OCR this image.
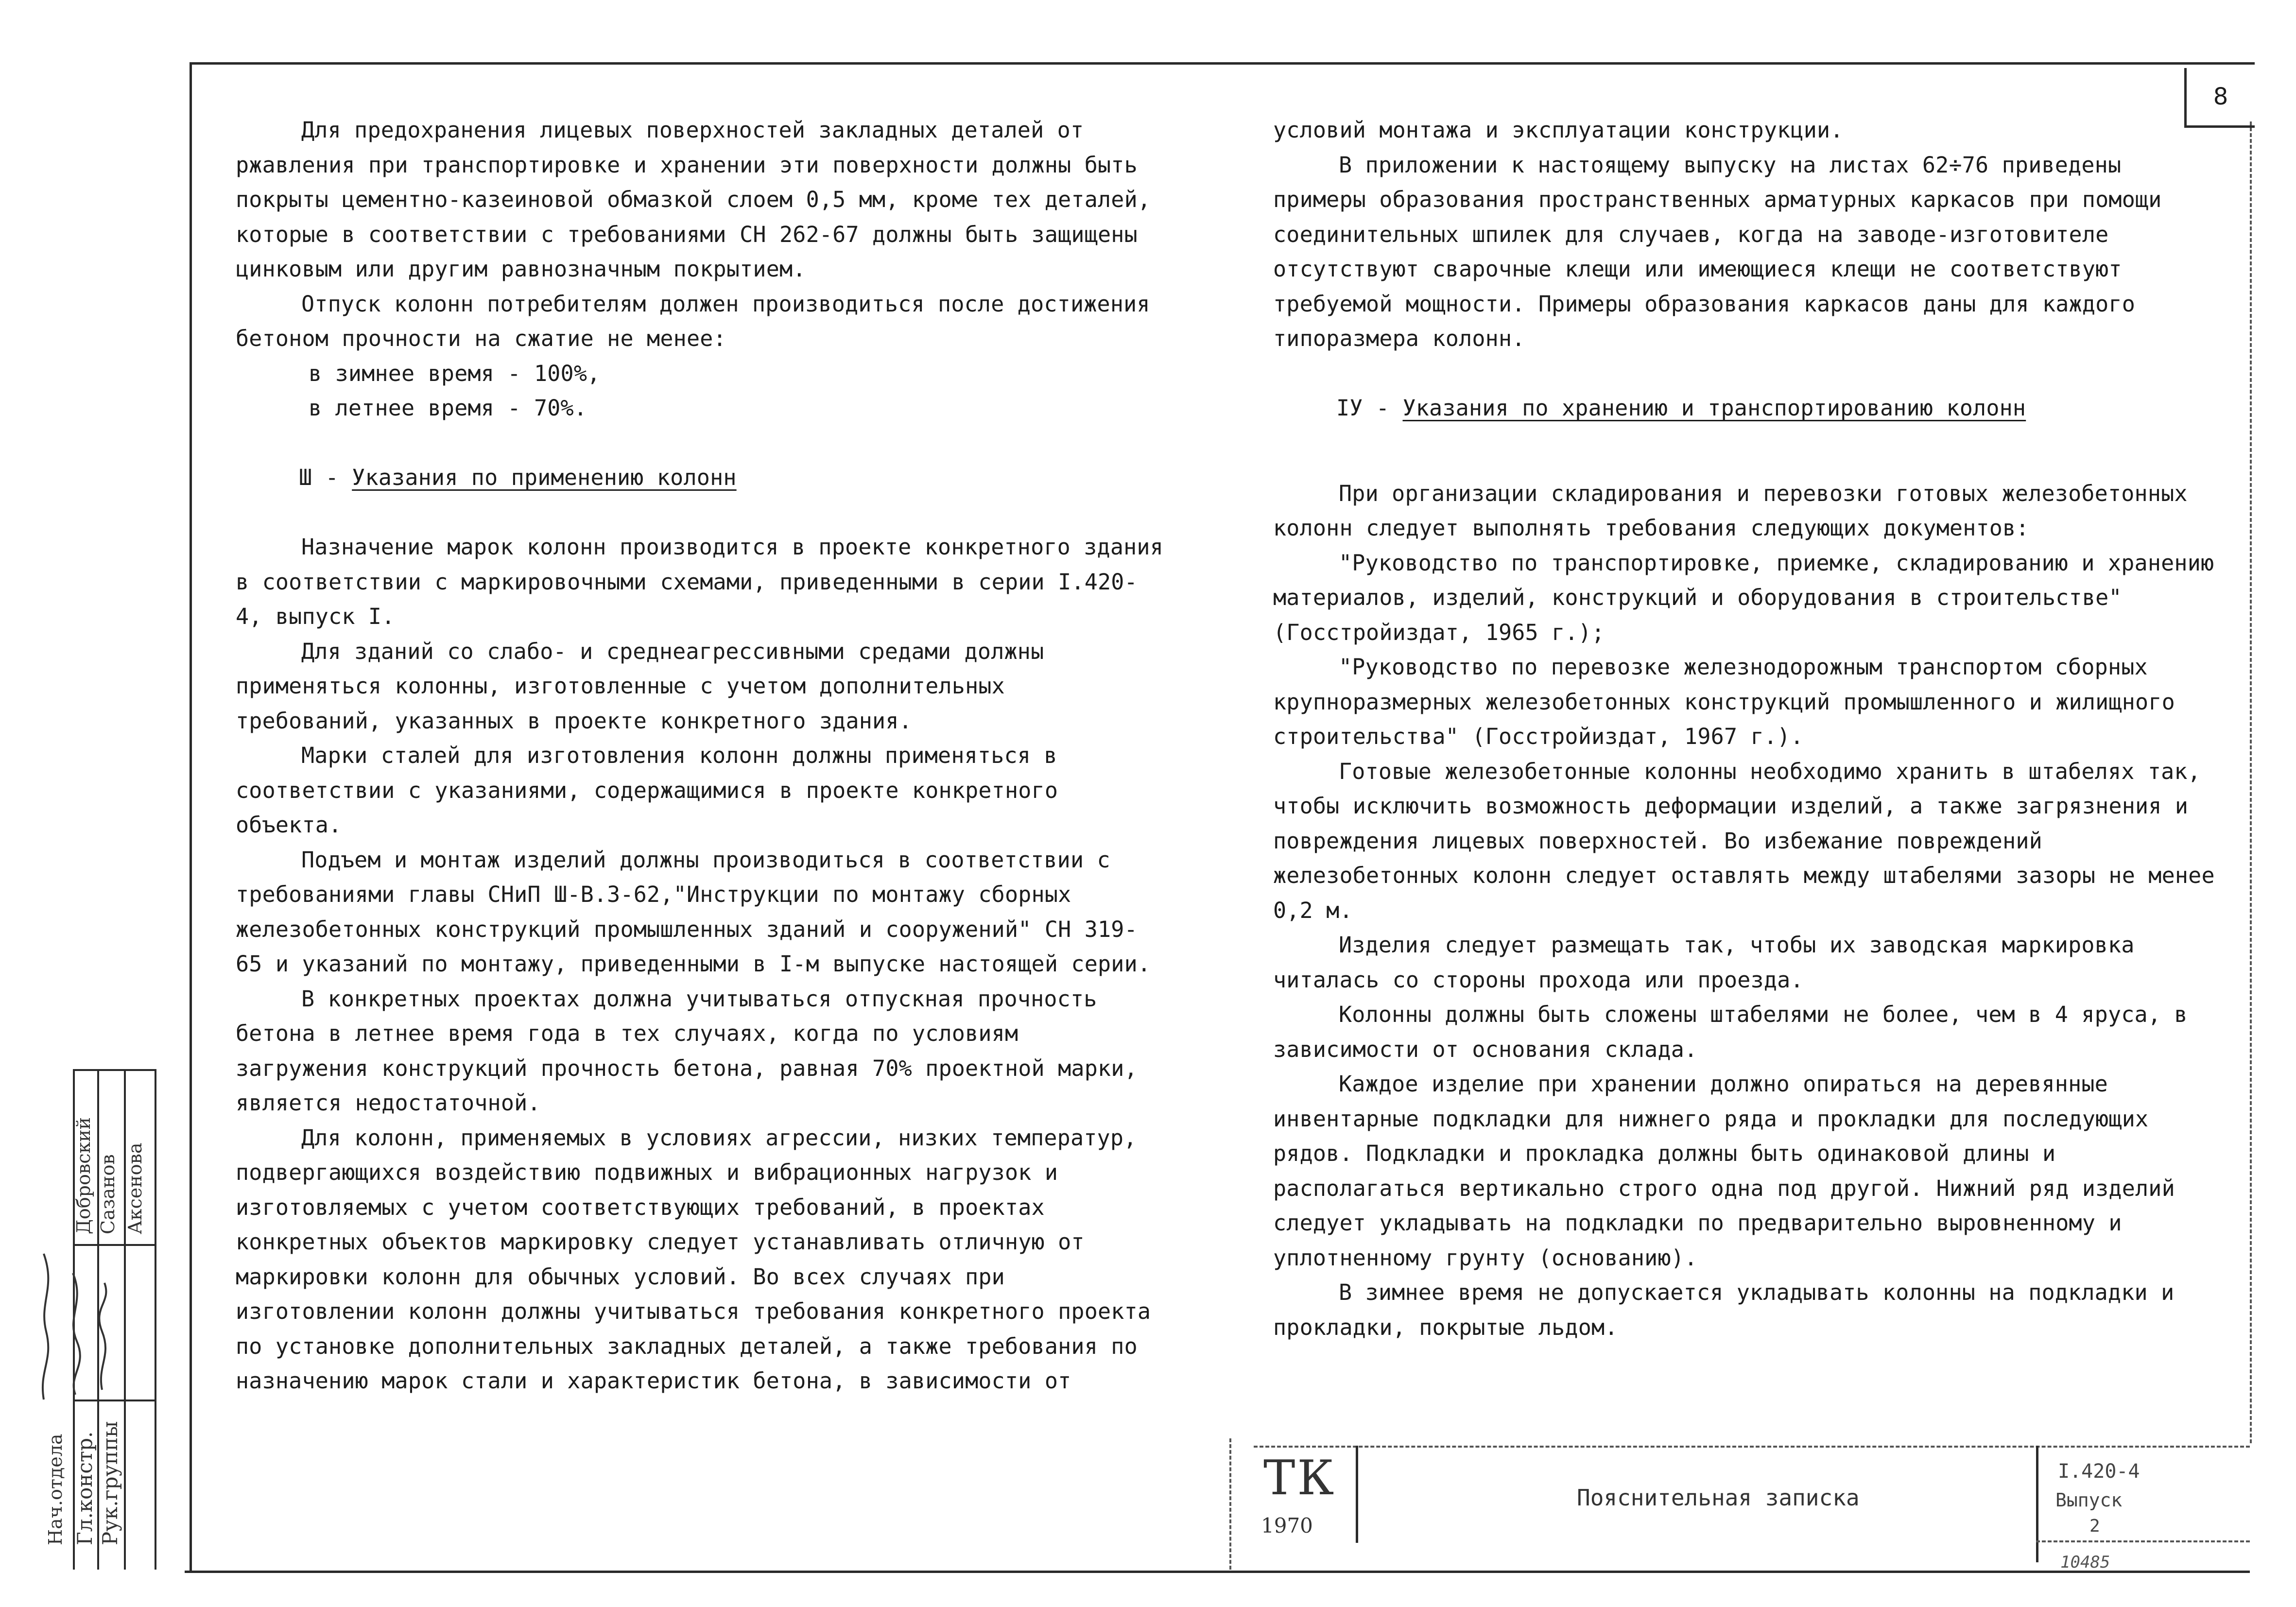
8

Для предохранения лицевых поверхностей закладных деталей от ржавления при транспортировке и хранении эти поверхности должны быть покрыты цементно-казеиновой обмазкой слоем 0,5 мм, кроме тех деталей, которые в соответствии с требованиями СН 262-67 должны быть защищены цинковым или другим равнозначным покрытием.

Отпуск колонн потребителям должен производиться после достижения бетоном прочности на сжатие не менее:

в зимнее время - 100%,

в летнее время - 70%.

Ш - Указания по применению колонн

Назначение марок колонн производится в проекте конкретного здания в соответствии с маркировочными схемами, приведенными в серии I.420-4, выпуск I.

Для зданий со слабо- и среднеагрессивными средами должны применяться колонны, изготовленные с учетом дополнительных требований, указанных в проекте конкретного здания.

Марки сталей для изготовления колонн должны применяться в соответствии с указаниями, содержащимися в проекте конкретного объекта.

Подъем и монтаж изделий должны производиться в соответствии с требованиями главы СНиП Ш-В.3-62,"Инструкции по монтажу сборных железобетонных конструкций промышленных зданий и сооружений" СН 319-65 и указаний по монтажу, приведенными в I-м выпуске настоящей серии.

В конкретных проектах должна учитываться отпускная прочность бетона в летнее время года в тех случаях, когда по условиям загружения конструкций прочность бетона, равная 70% проектной марки, является недостаточной.

Для колонн, применяемых в условиях агрессии, низких температур, подвергающихся воздействию подвижных и вибрационных нагрузок и изготовляемых с учетом соответствующих требований, в проектах конкретных объектов маркировку следует устанавливать отличную от маркировки колонн для обычных условий. Во всех случаях при изготовлении колонн должны учитываться требования конкретного проекта по установке дополнительных закладных деталей, а также требования по назначению марок стали и характеристик бетона, в зависимости от

условий монтажа и эксплуатации конструкции.

В приложении к настоящему выпуску на листах 62÷76 приведены примеры образования пространственных арматурных каркасов при помощи соединительных шпилек для случаев, когда на заводе-изготовителе отсутствуют сварочные клещи или имеющиеся клещи не соответствуют требуемой мощности. Примеры образования каркасов даны для каждого типоразмера колонн.

IУ - Указания по хранению и транспортированию колонн

При организации складирования и перевозки готовых железобетонных колонн следует выполнять требования следующих документов:

"Руководство по транспортировке, приемке, складированию и хранению материалов, изделий, конструкций и оборудования в строительстве" (Госстройиздат, 1965 г.);

"Руководство по перевозке железнодорожным транспортом сборных крупноразмерных железобетонных конструкций промышленного и жилищного строительства" (Госстройиздат, 1967 г.).

Готовые железобетонные колонны необходимо хранить в штабелях так, чтобы исключить возможность деформации изделий, а также загрязнения и повреждения лицевых поверхностей. Во избежание повреждений железобетонных колонн следует оставлять между штабелями зазоры не менее 0,2 м.

Изделия следует размещать так, чтобы их заводская маркировка читалась со стороны прохода или проезда.

Колонны должны быть сложены штабелями не более, чем в 4 яруса, в зависимости от основания склада.

Каждое изделие при хранении должно опираться на деревянные инвентарные подкладки для нижнего ряда и прокладки для последующих рядов. Подкладки и прокладка должны быть одинаковой длины и располагаться вертикально строго одна под другой. Нижний ряд изделий следует укладывать на подкладки по предварительно выровненному и уплотненному грунту (основанию).

В зимнее время не допускается укладывать колонны на подкладки и прокладки, покрытые льдом.

ТК
1970
Пояснительная записка
I.420-4
Выпуск
2
10485
Нач.отдела Гл.констр. Рук.группы
Добровский Сазанов Аксенова
